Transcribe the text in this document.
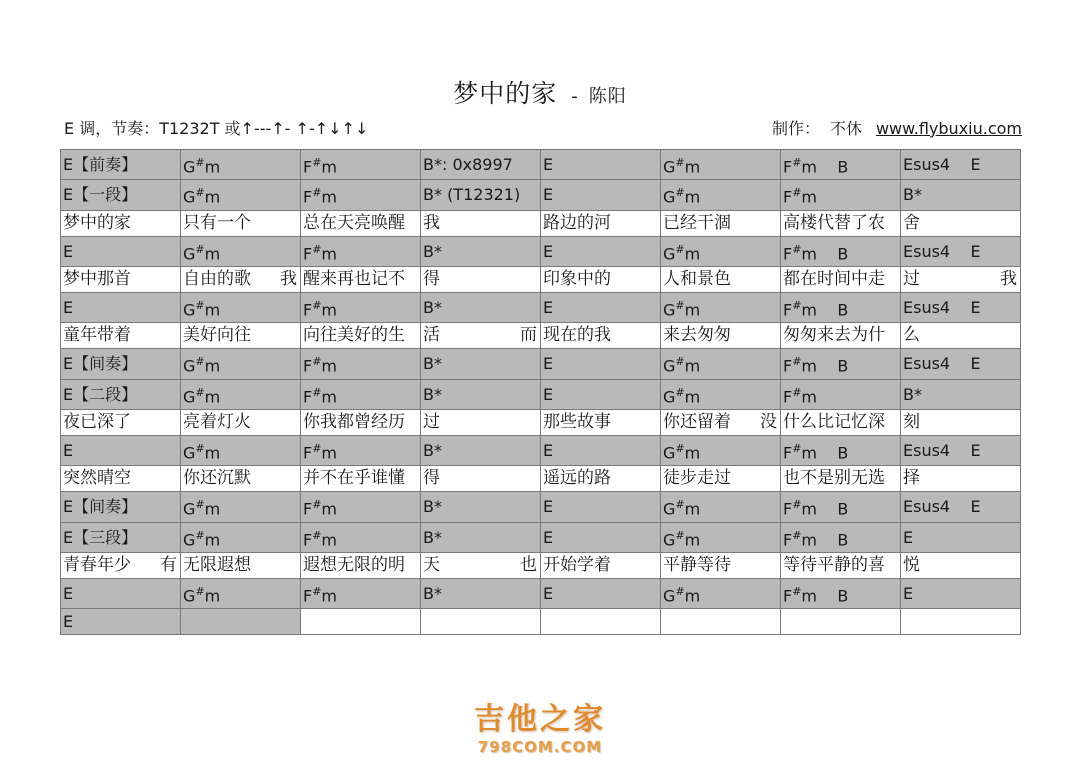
梦中的家 - 陈阳
E 调，节奏：T1232T 或↑---↑- ↑-↑↓↑↓	制作： 不休 www.flybuxiu.com
E【前奏】	G#m	F#m	B*: 0x8997	E	G#m	F#m    B	Esus4    E
E【一段】	G#m	F#m	B* (T12321)	E	G#m	F#m	B*
梦中的家	只有一个	总在天亮唤醒	我	路边的河	已经干涸	高楼代替了农	舍
E	G#m	F#m	B*	E	G#m	F#m    B	Esus4    E
梦中那首	自由的歌 我	醒来再也记不	得	印象中的	人和景色	都在时间中走	过 我

E	G#m	F#m	B*	E	G#m	F#m    B	Esus4    E
童年带着	美好向往	向往美好的生	活 而	现在的我	来去匆匆	匆匆来去为什	么
E【间奏】	G#m	F#m	B*	E	G#m	F#m    B	Esus4    E
E【二段】	G#m	F#m	B*	E	G#m	F#m	B*
夜已深了	亮着灯火	你我都曾经历	过	那些故事	你还留着 没	什么比记忆深	刻
E	G#m	F#m	B*	E	G#m	F#m    B	Esus4    E
突然晴空	你还沉默	并不在乎谁懂	得	遥远的路	徒步走过	也不是别无选	择
E【间奏】	G#m	F#m	B*	E	G#m	F#m    B	Esus4    E
E【三段】	G#m	F#m	B*	E	G#m	F#m    B	E

青春年少 有	无限遐想	遐想无限的明	天 也	开始学着	平静等待	等待平静的喜	悦
E	G#m	F#m	B*	E	G#m	F#m    B	E
E							
吉他之家
798COM.COM
